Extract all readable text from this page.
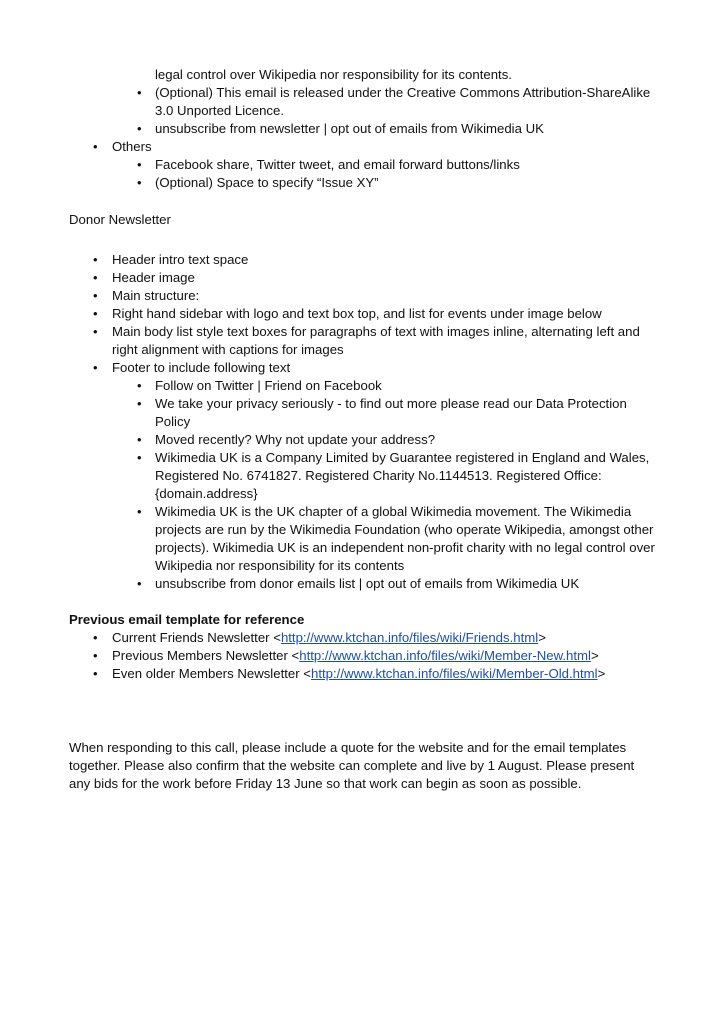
legal control over Wikipedia nor responsibility for its contents.

• (Optional) This email is released under the Creative Commons Attribution-ShareAlike 3.0 Unported Licence.
• unsubscribe from newsletter | opt out of emails from Wikimedia UK
• Others
• Facebook share, Twitter tweet, and email forward buttons/links
• (Optional) Space to specify “Issue XY”

Donor Newsletter

• Header intro text space
• Header image
• Main structure:
• Right hand sidebar with logo and text box top, and list for events under image below
• Main body list style text boxes for paragraphs of text with images inline, alternating left and right alignment with captions for images
• Footer to include following text
• Follow on Twitter | Friend on Facebook
• We take your privacy seriously - to find out more please read our Data Protection Policy
• Moved recently? Why not update your address?
• Wikimedia UK is a Company Limited by Guarantee registered in England and Wales, Registered No. 6741827. Registered Charity No.1144513. Registered Office: {domain.address}
• Wikimedia UK is the UK chapter of a global Wikimedia movement. The Wikimedia projects are run by the Wikimedia Foundation (who operate Wikipedia, amongst other projects). Wikimedia UK is an independent non-profit charity with no legal control over Wikipedia nor responsibility for its contents
• unsubscribe from donor emails list | opt out of emails from Wikimedia UK

Previous email template for reference

• Current Friends Newsletter <http://www.ktchan.info/files/wiki/Friends.html>
• Previous Members Newsletter <http://www.ktchan.info/files/wiki/Member-New.html>
• Even older Members Newsletter <http://www.ktchan.info/files/wiki/Member-Old.html>

When responding to this call, please include a quote for the website and for the email templates together. Please also confirm that the website can complete and live by 1 August. Please present any bids for the work before Friday 13 June so that work can begin as soon as possible.
